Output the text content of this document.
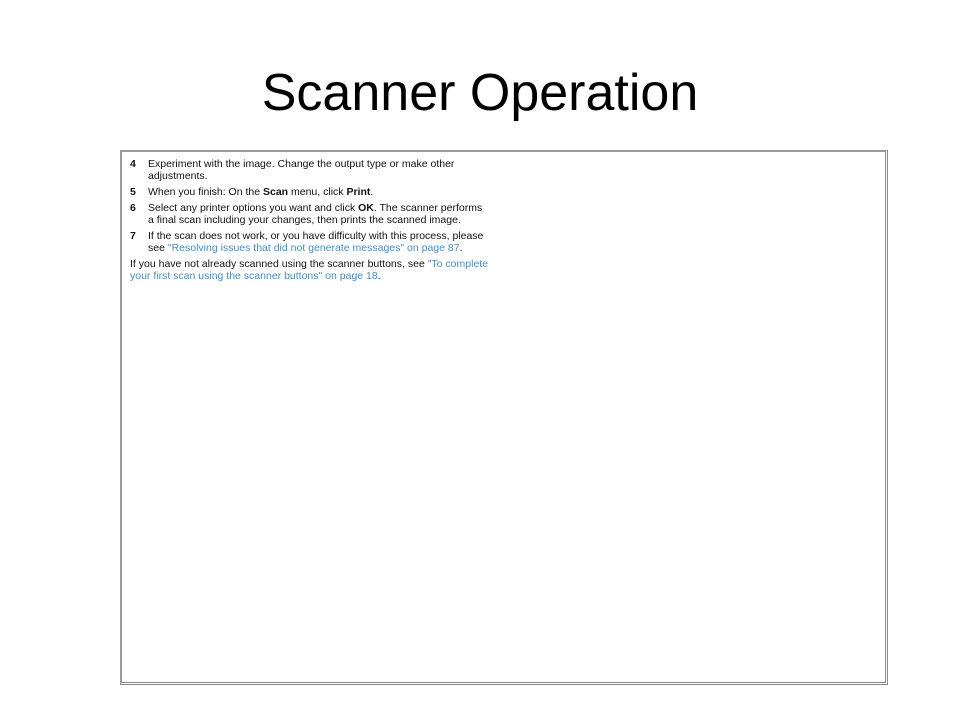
Scanner Operation
4	Experiment with the image. Change the output type or make other adjustments.
5	When you finish: On the Scan menu, click Print.
6	Select any printer options you want and click OK. The scanner performs a final scan including your changes, then prints the scanned image.
7	If the scan does not work, or you have difficulty with this process, please see "Resolving issues that did not generate messages" on page 87.
If you have not already scanned using the scanner buttons, see "To complete your first scan using the scanner buttons" on page 18.
